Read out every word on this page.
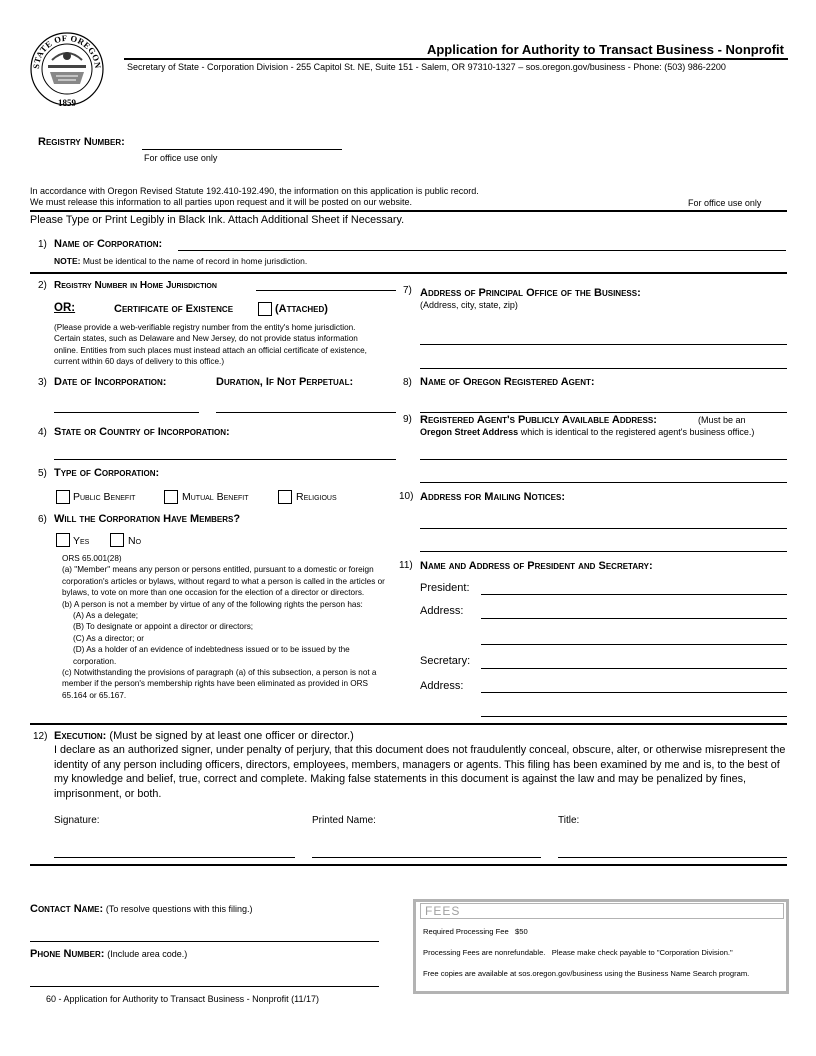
STATE OF OREGON
1859
Application for Authority to Transact Business - Nonprofit
Secretary of State - Corporation Division - 255 Capitol St. NE, Suite 151 - Salem, OR 97310-1327 – sos.oregon.gov/business - Phone: (503) 986-2200
Registry Number:
For office use only
In accordance with Oregon Revised Statute 192.410-192.490, the information on this application is public record.
We must release this information to all parties upon request and it will be posted on our website.	For office use only
Please Type or Print Legibly in Black Ink. Attach Additional Sheet if Necessary.
1) Name of Corporation:
NOTE: Must be identical to the name of record in home jurisdiction.
2) Registry Number in Home Jurisdiction
OR:	Certificate of Existence	(Attached)
(Please provide a web-verifiable registry number from the entity's home jurisdiction. Certain states, such as Delaware and New Jersey, do not provide status information online. Entities from such places must instead attach an official certificate of existence, current within 60 days of delivery to this office.)
3) Date of Incorporation:	Duration, If Not Perpetual:
4) State or Country of Incorporation:
5) Type of Corporation:
Public Benefit	Mutual Benefit	Religious
6) Will the Corporation Have Members?
Yes	No
ORS 65.001(28)
(a) "Member" means any person or persons entitled, pursuant to a domestic or foreign corporation's articles or bylaws, without regard to what a person is called in the articles or bylaws, to vote on more than one occasion for the election of a director or directors.
(b) A person is not a member by virtue of any of the following rights the person has:
(A) As a delegate;
(B) To designate or appoint a director or directors;
(C) As a director; or
(D) As a holder of an evidence of indebtedness issued or to be issued by the corporation.
(c) Notwithstanding the provisions of paragraph (a) of this subsection, a person is not a member if the person's membership rights have been eliminated as provided in ORS 65.164 or 65.167.
7) Address of Principal Office of the Business:
(Address, city, state, zip)
8) Name of Oregon Registered Agent:
9) Registered Agent's Publicly Available Address:	(Must be an
Oregon Street Address which is identical to the registered agent's business office.)
10) Address for Mailing Notices:
11) Name and Address of President and Secretary:
President:
Address:
Secretary:
Address:
12) Execution: (Must be signed by at least one officer or director.)
I declare as an authorized signer, under penalty of perjury, that this document does not fraudulently conceal, obscure, alter, or otherwise misrepresent the identity of any person including officers, directors, employees, members, managers or agents. This filing has been examined by me and is, to the best of my knowledge and belief, true, correct and complete. Making false statements in this document is against the law and may be penalized by fines, imprisonment, or both.
Signature:	Printed Name:	Title:
Contact Name: (To resolve questions with this filing.)
Phone Number: (Include area code.)
FEES
Required Processing Fee   $50
Processing Fees are nonrefundable.   Please make check payable to "Corporation Division."
Free copies are available at sos.oregon.gov/business using the Business Name Search program.
60 - Application for Authority to Transact Business - Nonprofit (11/17)
